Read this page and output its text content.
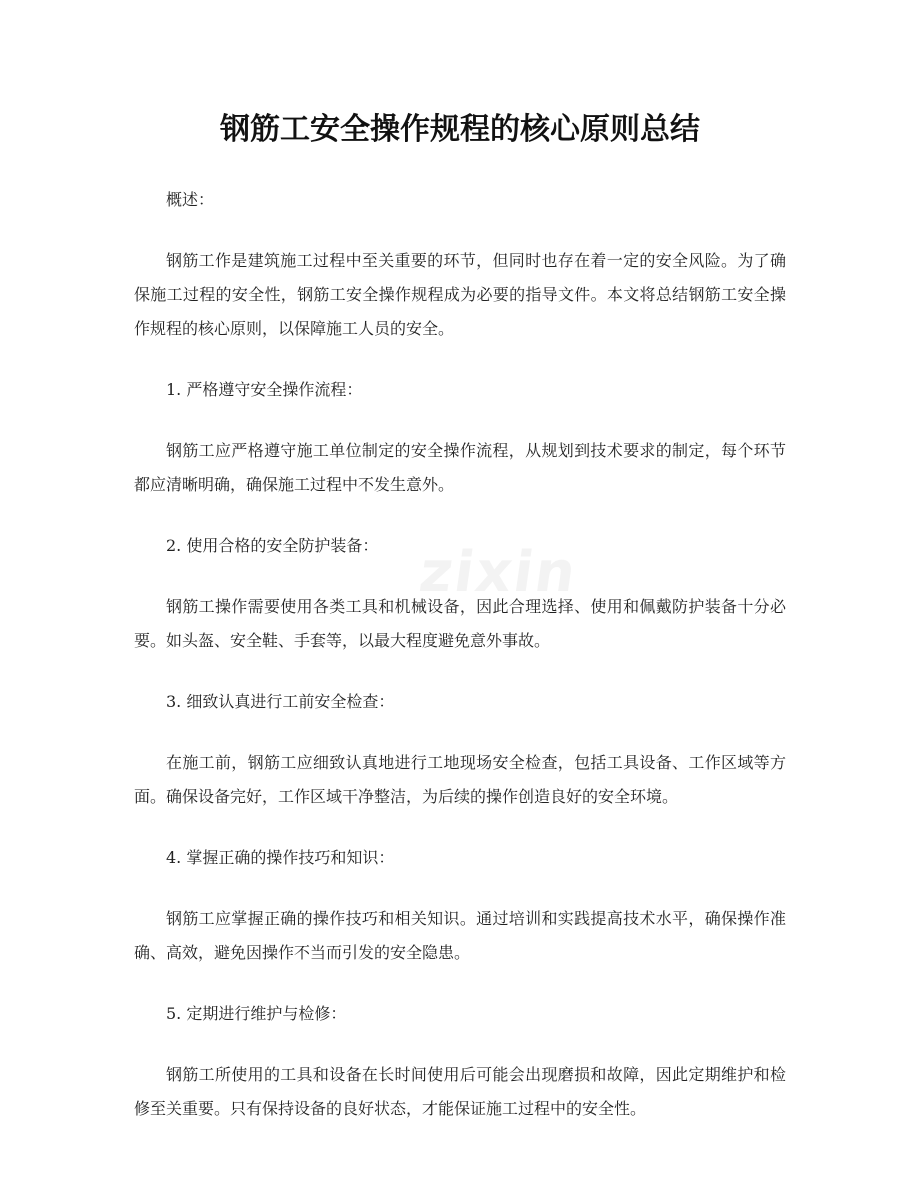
钢筋工安全操作规程的核心原则总结
zixin

概述：

钢筋工作是建筑施工过程中至关重要的环节，但同时也存在着一定的安全风险。为了确保施工过程的安全性，钢筋工安全操作规程成为必要的指导文件。本文将总结钢筋工安全操作规程的核心原则，以保障施工人员的安全。

1. 严格遵守安全操作流程：

钢筋工应严格遵守施工单位制定的安全操作流程，从规划到技术要求的制定，每个环节都应清晰明确，确保施工过程中不发生意外。

2. 使用合格的安全防护装备：

钢筋工操作需要使用各类工具和机械设备，因此合理选择、使用和佩戴防护装备十分必要。如头盔、安全鞋、手套等，以最大程度避免意外事故。

3. 细致认真进行工前安全检查：

在施工前，钢筋工应细致认真地进行工地现场安全检查，包括工具设备、工作区域等方面。确保设备完好，工作区域干净整洁，为后续的操作创造良好的安全环境。

4. 掌握正确的操作技巧和知识：

钢筋工应掌握正确的操作技巧和相关知识。通过培训和实践提高技术水平，确保操作准确、高效，避免因操作不当而引发的安全隐患。

5. 定期进行维护与检修：

钢筋工所使用的工具和设备在长时间使用后可能会出现磨损和故障，因此定期维护和检修至关重要。只有保持设备的良好状态，才能保证施工过程中的安全性。
